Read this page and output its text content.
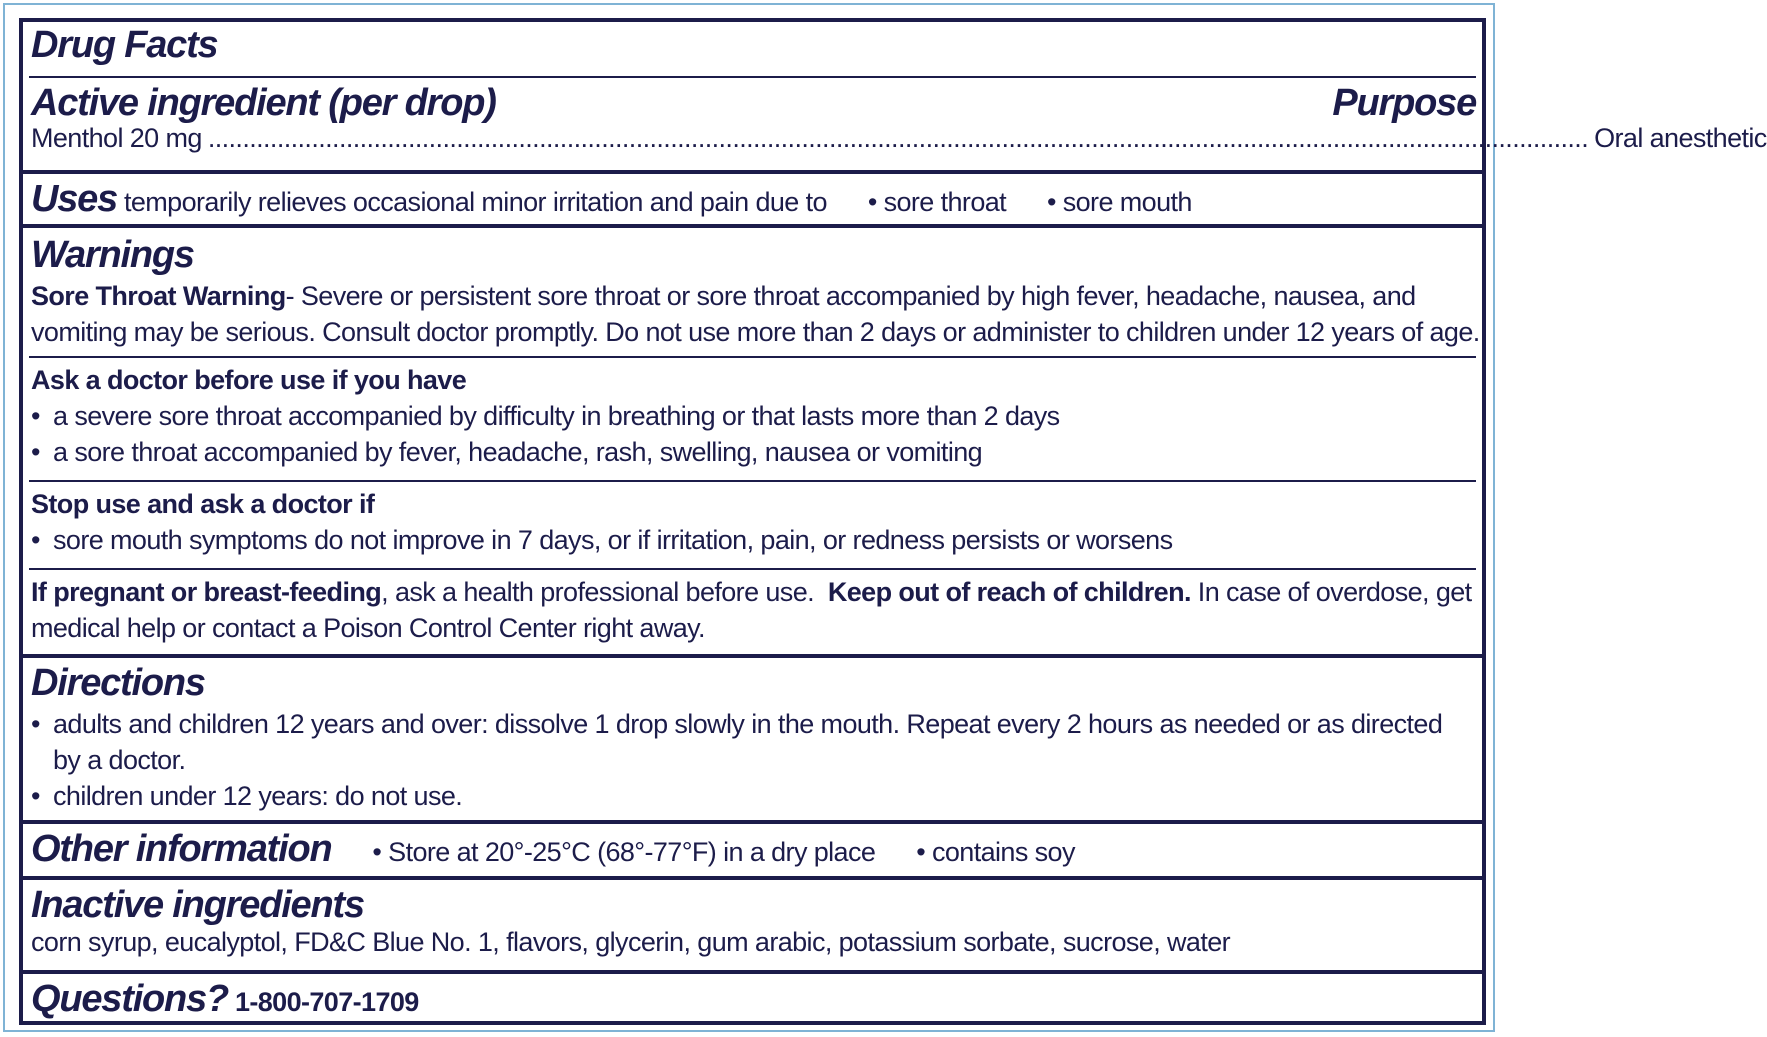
Drug Facts
Active ingredient (per drop)	Purpose
Menthol 20 mg ........................................................................................................................................................................................................ Oral anesthetic
Uses temporarily relieves occasional minor irritation and pain due to • sore throat • sore mouth
Warnings
Sore Throat Warning- Severe or persistent sore throat or sore throat accompanied by high fever, headache, nausea, and
vomiting may be serious. Consult doctor promptly. Do not use more than 2 days or administer to children under 12 years of age.
Ask a doctor before use if you have
• a severe sore throat accompanied by difficulty in breathing or that lasts more than 2 days
• a sore throat accompanied by fever, headache, rash, swelling, nausea or vomiting
Stop use and ask a doctor if
• sore mouth symptoms do not improve in 7 days, or if irritation, pain, or redness persists or worsens
If pregnant or breast-feeding, ask a health professional before use. Keep out of reach of children. In case of overdose, get
medical help or contact a Poison Control Center right away.
Directions
• adults and children 12 years and over: dissolve 1 drop slowly in the mouth. Repeat every 2 hours as needed or as directed
by a doctor.
• children under 12 years: do not use.
Other information • Store at 20°-25°C (68°-77°F) in a dry place • contains soy
Inactive ingredients
corn syrup, eucalyptol, FD&C Blue No. 1, flavors, glycerin, gum arabic, potassium sorbate, sucrose, water
Questions? 1-800-707-1709
